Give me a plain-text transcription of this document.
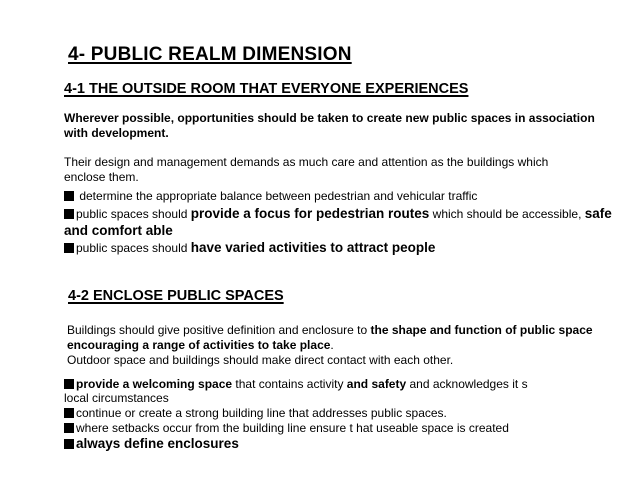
4- PUBLIC REALM DIMENSION
4-1 THE OUTSIDE ROOM THAT EVERYONE EXPERIENCES
Wherever possible, opportunities should be taken to create new public spaces in association
with development.
Their design and management demands as much care and attention as the buildings which
enclose them.
determine the appropriate balance between pedestrian and vehicular traffic
public spaces should provide a focus for pedestrian routes which should be accessible, safe
and comfort able
public spaces should have varied activities to attract people
4-2 ENCLOSE PUBLIC SPACES
Buildings should give positive definition and enclosure to the shape and function of public space
encouraging a range of activities to take place.
Outdoor space and buildings should make direct contact with each other.
provide a welcoming space that contains activity and safety and acknowledges it s
local circumstances
continue or create a strong building line that addresses public spaces.
where setbacks occur from the building line ensure t hat useable space is created
always define enclosures
